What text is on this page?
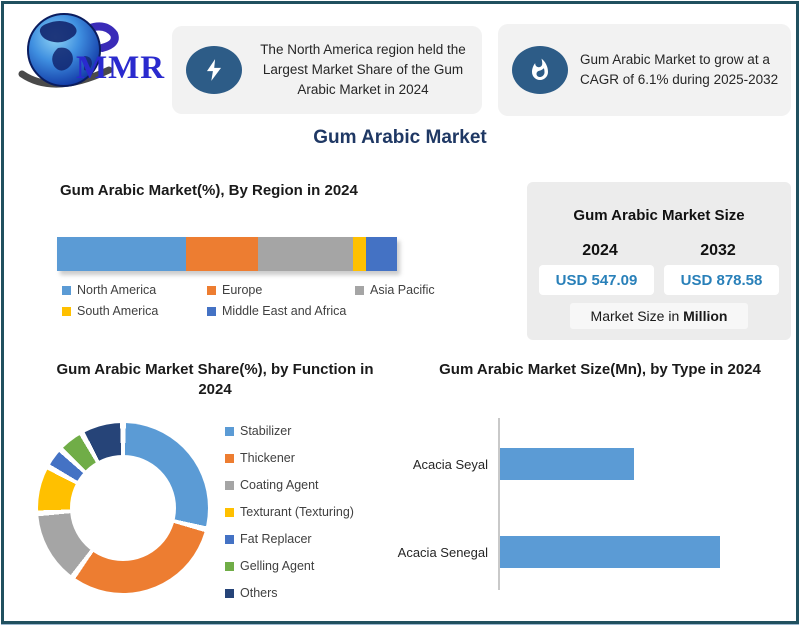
MMR
The North America region held the Largest Market Share of the Gum Arabic Market in 2024
Gum Arabic Market to grow at a CAGR of 6.1% during 2025-2032
Gum Arabic Market
Gum Arabic Market(%), By Region in 2024
North America	Europe	Asia Pacific
South America	Middle East and Africa
Gum Arabic Market Size
2024	2032
USD 547.09	USD 878.58
Market Size in Million
Gum Arabic Market Share(%), by Function in 2024
Stabilizer
Thickener
Coating Agent
Texturant (Texturing)
Fat Replacer
Gelling Agent
Others
Gum Arabic Market Size(Mn), by Type in 2024
Acacia Seyal
Acacia Senegal
